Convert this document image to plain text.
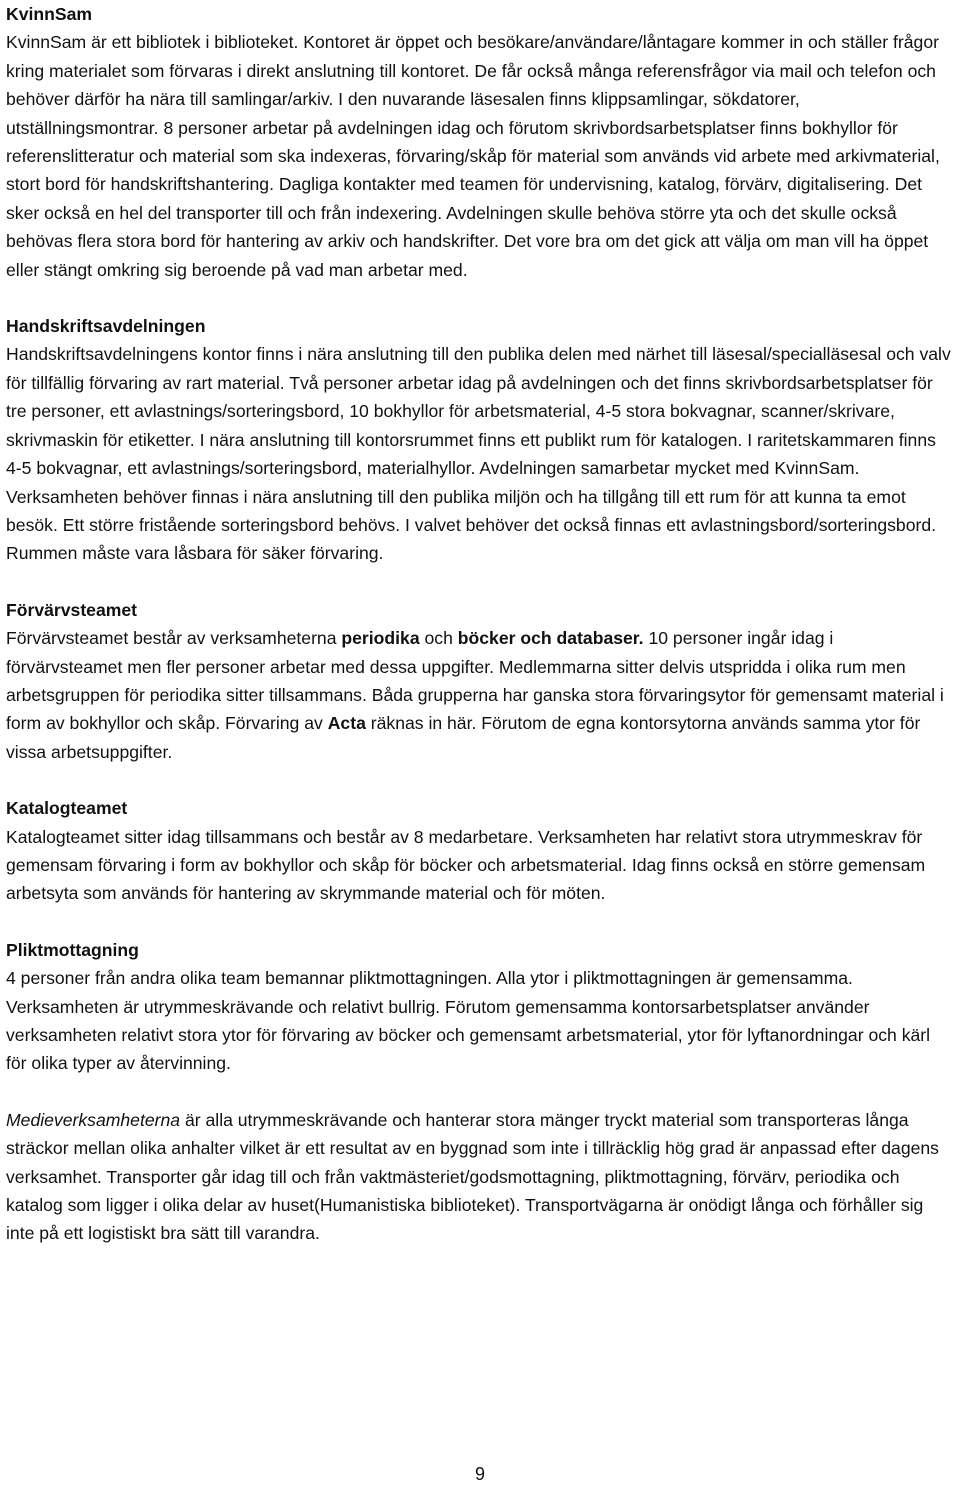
KvinnSam
KvinnSam är ett bibliotek i biblioteket. Kontoret är öppet och besökare/användare/låntagare kommer in och ställer frågor kring materialet som förvaras i direkt anslutning till kontoret. De får också många referensfrågor via mail och telefon och behöver därför ha nära till samlingar/arkiv. I den nuvarande läsesalen finns klippsamlingar, sökdatorer, utställningsmontrar. 8 personer arbetar på avdelningen idag och förutom skrivbordsarbetsplatser finns bokhyllor för referenslitteratur och material som ska indexeras, förvaring/skåp för material som används vid arbete med arkivmaterial, stort bord för handskriftshantering. Dagliga kontakter med teamen för undervisning, katalog, förvärv, digitalisering. Det sker också en hel del transporter till och från indexering. Avdelningen skulle behöva större yta och det skulle också behövas flera stora bord för hantering av arkiv och handskrifter. Det vore bra om det gick att välja om man vill ha öppet eller stängt omkring sig beroende på vad man arbetar med.

Handskriftsavdelningen
Handskriftsavdelningens kontor finns i nära anslutning till den publika delen med närhet till läsesal/specialläsesal och valv för tillfällig förvaring av rart material. Två personer arbetar idag på avdelningen och det finns skrivbordsarbetsplatser för tre personer, ett avlastnings/sorteringsbord, 10 bokhyllor för arbetsmaterial, 4-5 stora bokvagnar, scanner/skrivare, skrivmaskin för etiketter. I nära anslutning till kontorsrummet finns ett publikt rum för katalogen. I raritetskammaren finns 4-5 bokvagnar, ett avlastnings/sorteringsbord, materialhyllor. Avdelningen samarbetar mycket med KvinnSam. Verksamheten behöver finnas i nära anslutning till den publika miljön och ha tillgång till ett rum för att kunna ta emot besök. Ett större fristående sorteringsbord behövs. I valvet behöver det också finnas ett avlastningsbord/sorteringsbord. Rummen måste vara låsbara för säker förvaring.

Förvärvsteamet
Förvärvsteamet består av verksamheterna periodika och böcker och databaser. 10 personer ingår idag i förvärvsteamet men fler personer arbetar med dessa uppgifter. Medlemmarna sitter delvis utspridda i olika rum men arbetsgruppen för periodika sitter tillsammans. Båda grupperna har ganska stora förvaringsytor för gemensamt material i form av bokhyllor och skåp. Förvaring av Acta räknas in här. Förutom de egna kontorsytorna används samma ytor för vissa arbetsuppgifter.

Katalogteamet
Katalogteamet sitter idag tillsammans och består av 8 medarbetare. Verksamheten har relativt stora utrymmeskrav för gemensam förvaring i form av bokhyllor och skåp för böcker och arbetsmaterial. Idag finns också en större gemensam arbetsyta som används för hantering av skrymmande material och för möten.

Pliktmottagning
4 personer från andra olika team bemannar pliktmottagningen. Alla ytor i pliktmottagningen är gemensamma. Verksamheten är utrymmeskrävande och relativt bullrig. Förutom gemensamma kontorsarbetsplatser använder verksamheten relativt stora ytor för förvaring av böcker och gemensamt arbetsmaterial, ytor för lyftanordningar och kärl för olika typer av återvinning.

Medieverksamheterna är alla utrymmeskrävande och hanterar stora mänger tryckt material som transporteras långa sträckor mellan olika anhalter vilket är ett resultat av en byggnad som inte i tillräcklig hög grad är anpassad efter dagens verksamhet. Transporter går idag till och från vaktmästeriet/godsmottagning, pliktmottagning, förvärv, periodika och katalog som ligger i olika delar av huset(Humanistiska biblioteket). Transportvägarna är onödigt långa och förhåller sig inte på ett logistiskt bra sätt till varandra.

9
